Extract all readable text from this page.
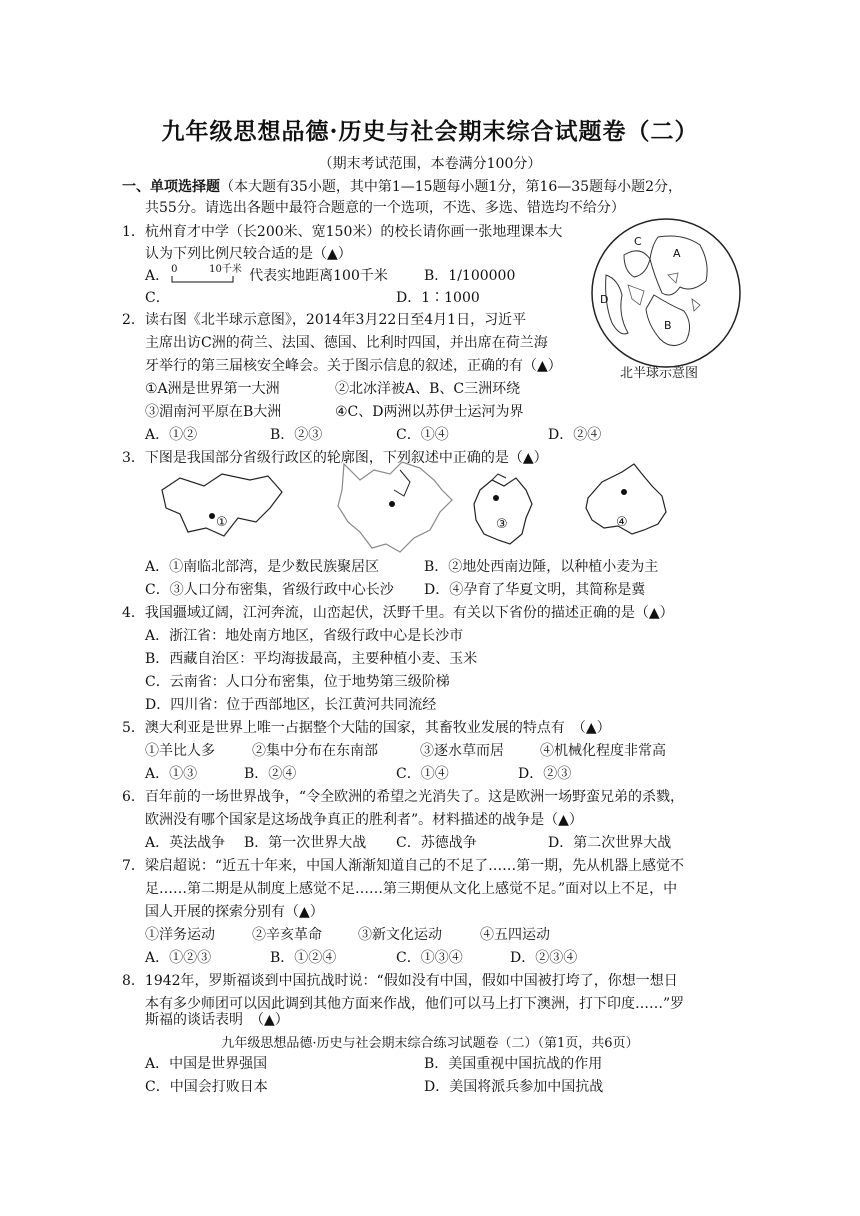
九年级思想品德·历史与社会期末综合试题卷（二）
（期末考试范围，本卷满分100分）
一、单项选择题（本大题有35小题，其中第1—15题每小题1分，第16—35题每小题2分，
共55分。请选出各题中最符合题意的一个选项，不选、多选、错选均不给分）
1．杭州育才中学（长200米、宽150米）的校长请你画一张地理课本大
认为下列比例尺较合适的是（▲）
A． 0	10千米 代表实地距离100千米	B．1/100000
C．	D．1∶1000
A
B
C
D
北半球示意图
2．读右图《北半球示意图》，2014年3月22日至4月1日，习近平
主席出访C洲的荷兰、法国、德国、比利时四国，并出席在荷兰海
牙举行的第三届核安全峰会。关于图示信息的叙述，正确的有（▲）
①A洲是世界第一大洲	②北冰洋被A、B、C三洲环绕
③湄南河平原在B大洲	④C、D两洲以苏伊士运河为界
A．①②	B．②③	C．①④	D．②④
3．下图是我国部分省级行政区的轮廓图，下列叙述中正确的是（▲）
①	③	④
A．①南临北部湾，是少数民族聚居区	B．②地处西南边陲，以种植小麦为主
C．③人口分布密集，省级行政中心长沙 D．④孕育了华夏文明，其简称是冀
4．我国疆域辽阔，江河奔流，山峦起伏，沃野千里。有关以下省份的描述正确的是（▲）
A．浙江省：地处南方地区，省级行政中心是长沙市
B．西藏自治区：平均海拔最高，主要种植小麦、玉米
C．云南省：人口分布密集，位于地势第三级阶梯
D．四川省：位于西部地区，长江黄河共同流经
5．澳大利亚是世界上唯一占据整个大陆的国家，其畜牧业发展的特点有　（▲）
①羊比人多	②集中分布在东南部	③逐水草而居	④机械化程度非常高
A．①③	B．②④	C．①④	D．②③
6．百年前的一场世界战争，“令全欧洲的希望之光消失了。这是欧洲一场野蛮兄弟的杀戮，
欧洲没有哪个国家是这场战争真正的胜利者”。材料描述的战争是（▲）
A．英法战争 B．第一次世界大战 C．苏德战争	D．第二次世界大战
7．梁启超说：“近五十年来，中国人渐渐知道自己的不足了……第一期，先从机器上感觉不
足……第二期是从制度上感觉不足……第三期便从文化上感觉不足。”面对以上不足，中
国人开展的探索分别有（▲）
①洋务运动	②辛亥革命	③新文化运动	④五四运动
A．①②③	B．①②④	C．①③④	D．②③④
8．1942年，罗斯福谈到中国抗战时说：“假如没有中国，假如中国被打垮了，你想一想日
本有多少师团可以因此调到其他方面来作战，他们可以马上打下澳洲，打下印度……”罗
斯福的谈话表明　（▲）
九年级思想品德·历史与社会期末综合练习试题卷（二）（第1页，共6页）
A．中国是世界强国	B．美国重视中国抗战的作用
C．中国会打败日本	D．美国将派兵参加中国抗战
